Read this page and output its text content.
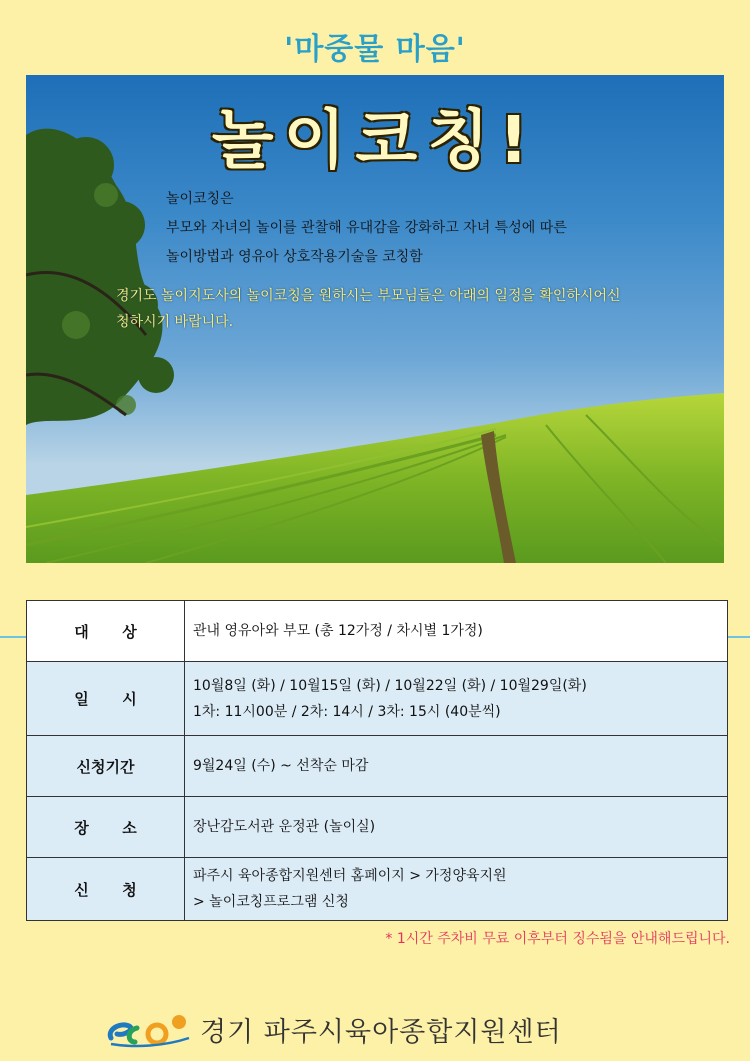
'마중물 마음'
놀이코칭!
놀이코칭은
부모와 자녀의 놀이를 관찰해 유대감을 강화하고 자녀 특성에 따른
놀이방법과 영유아 상호작용기술을 코칭함
경기도 놀이지도사의 놀이코칭을 원하시는 부모님들은 아래의 일정을 확인하시어신
청하시기 바랍니다.
대 상	관내 영유아와 부모 (총 12가정 / 차시별 1가정)

일 시	10월8일 (화) / 10월15일 (화) / 10월22일 (화) / 10월29일(화)
1차: 11시00분 / 2차: 14시 / 3차: 15시 (40분씩)

신청기간	9월24일 (수) ~ 선착순 마감

장 소	장난감도서관 운정관 (놀이실)

신 청	파주시 육아종합지원센터 홈페이지 > 가정양육지원
> 놀이코칭프로그램 신청
* 1시간 주차비 무료 이후부터 징수됨을 안내해드립니다.
경기 파주시육아종합지원센터
